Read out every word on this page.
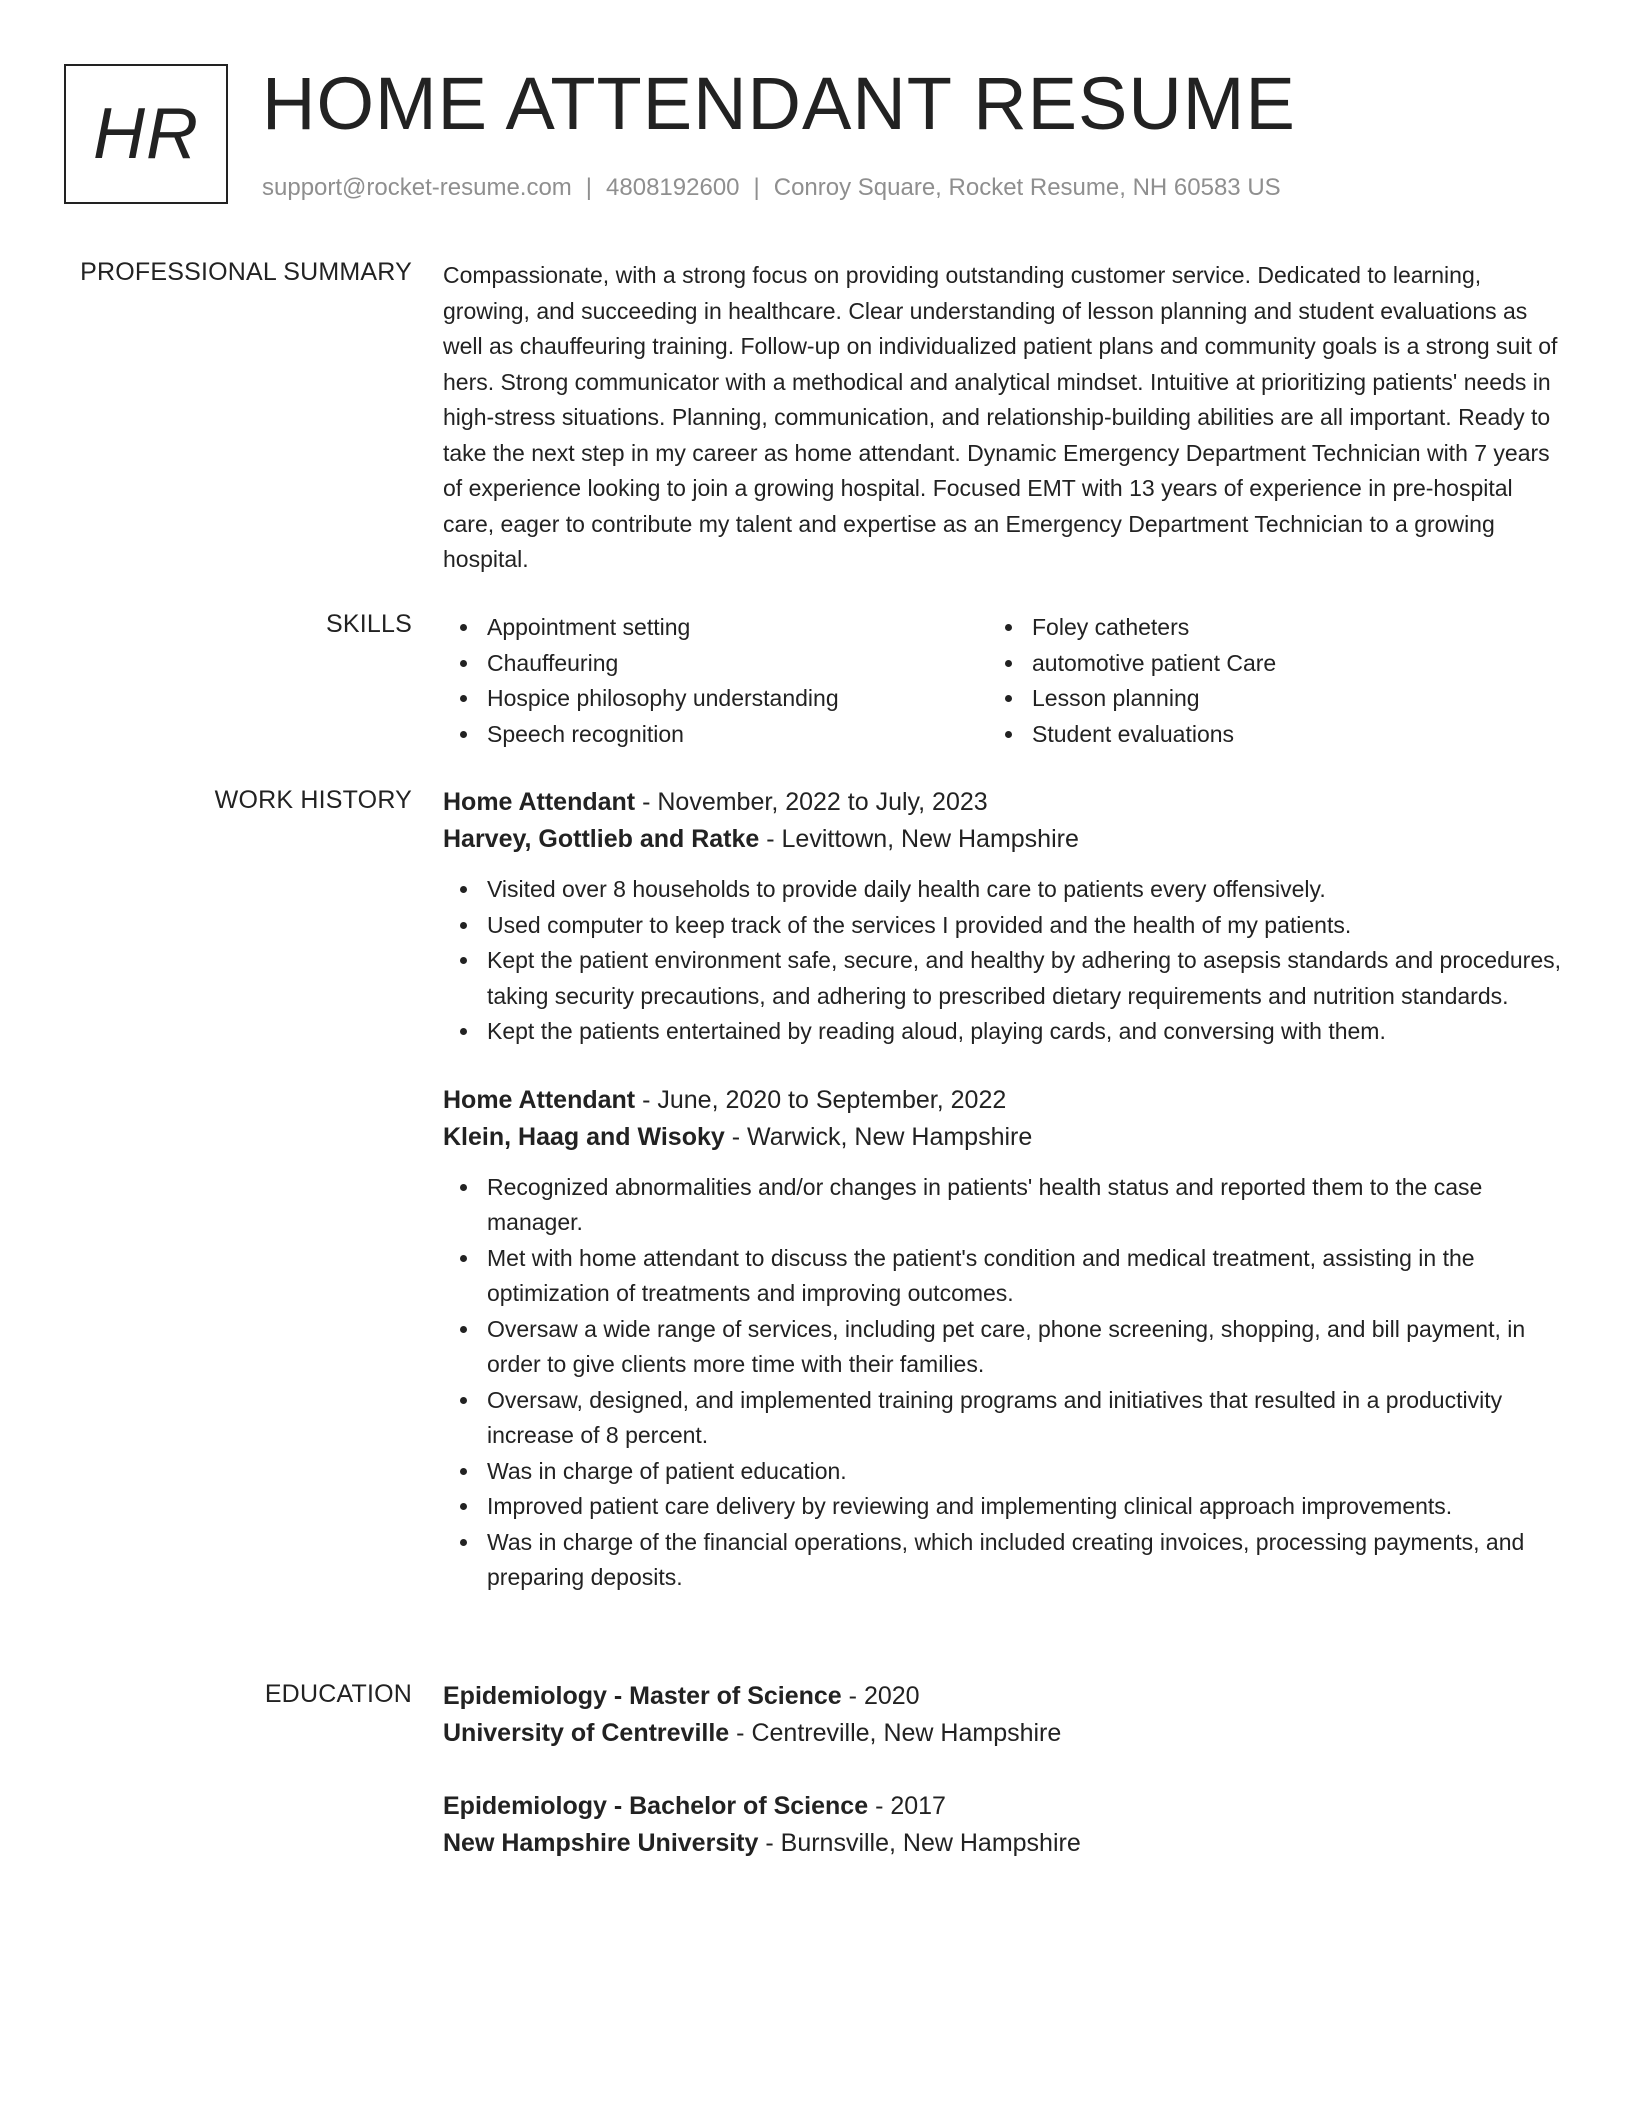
HR HOME ATTENDANT RESUME
support@rocket-resume.com | 4808192600 | Conroy Square, Rocket Resume, NH 60583 US
PROFESSIONAL SUMMARY Compassionate, with a strong focus on providing outstanding customer service. Dedicated to learning, growing, and succeeding in healthcare. Clear understanding of lesson planning and student evaluations as well as chauffeuring training. Follow-up on individualized patient plans and community goals is a strong suit of hers. Strong communicator with a methodical and analytical mindset. Intuitive at prioritizing patients' needs in high-stress situations. Planning, communication, and relationship-building abilities are all important. Ready to take the next step in my career as home attendant. Dynamic Emergency Department Technician with 7 years of experience looking to join a growing hospital. Focused EMT with 13 years of experience in pre-hospital care, eager to contribute my talent and expertise as an Emergency Department Technician to a growing hospital.

SKILLS	Appointment setting
Chauffeuring
Hospice philosophy understanding
Speech recognition
Foley catheters
automotive patient Care
Lesson planning
Student evaluations
WORK HISTORY Home Attendant - November, 2022 to July, 2023
Harvey, Gottlieb and Ratke - Levittown, New Hampshire
Visited over 8 households to provide daily health care to patients every offensively.
Used computer to keep track of the services I provided and the health of my patients.
Kept the patient environment safe, secure, and healthy by adhering to asepsis standards and procedures, taking security precautions, and adhering to prescribed dietary requirements and nutrition standards.
Kept the patients entertained by reading aloud, playing cards, and conversing with them.
Home Attendant - June, 2020 to September, 2022
Klein, Haag and Wisoky - Warwick, New Hampshire
Recognized abnormalities and/or changes in patients' health status and reported them to the case manager.
Met with home attendant to discuss the patient's condition and medical treatment, assisting in the optimization of treatments and improving outcomes.
Oversaw a wide range of services, including pet care, phone screening, shopping, and bill payment, in order to give clients more time with their families.
Oversaw, designed, and implemented training programs and initiatives that resulted in a productivity increase of 8 percent.
Was in charge of patient education.
Improved patient care delivery by reviewing and implementing clinical approach improvements.
Was in charge of the financial operations, which included creating invoices, processing payments, and preparing deposits.
EDUCATION Epidemiology - Master of Science - 2020
University of Centreville - Centreville, New Hampshire
Epidemiology - Bachelor of Science - 2017
New Hampshire University - Burnsville, New Hampshire
